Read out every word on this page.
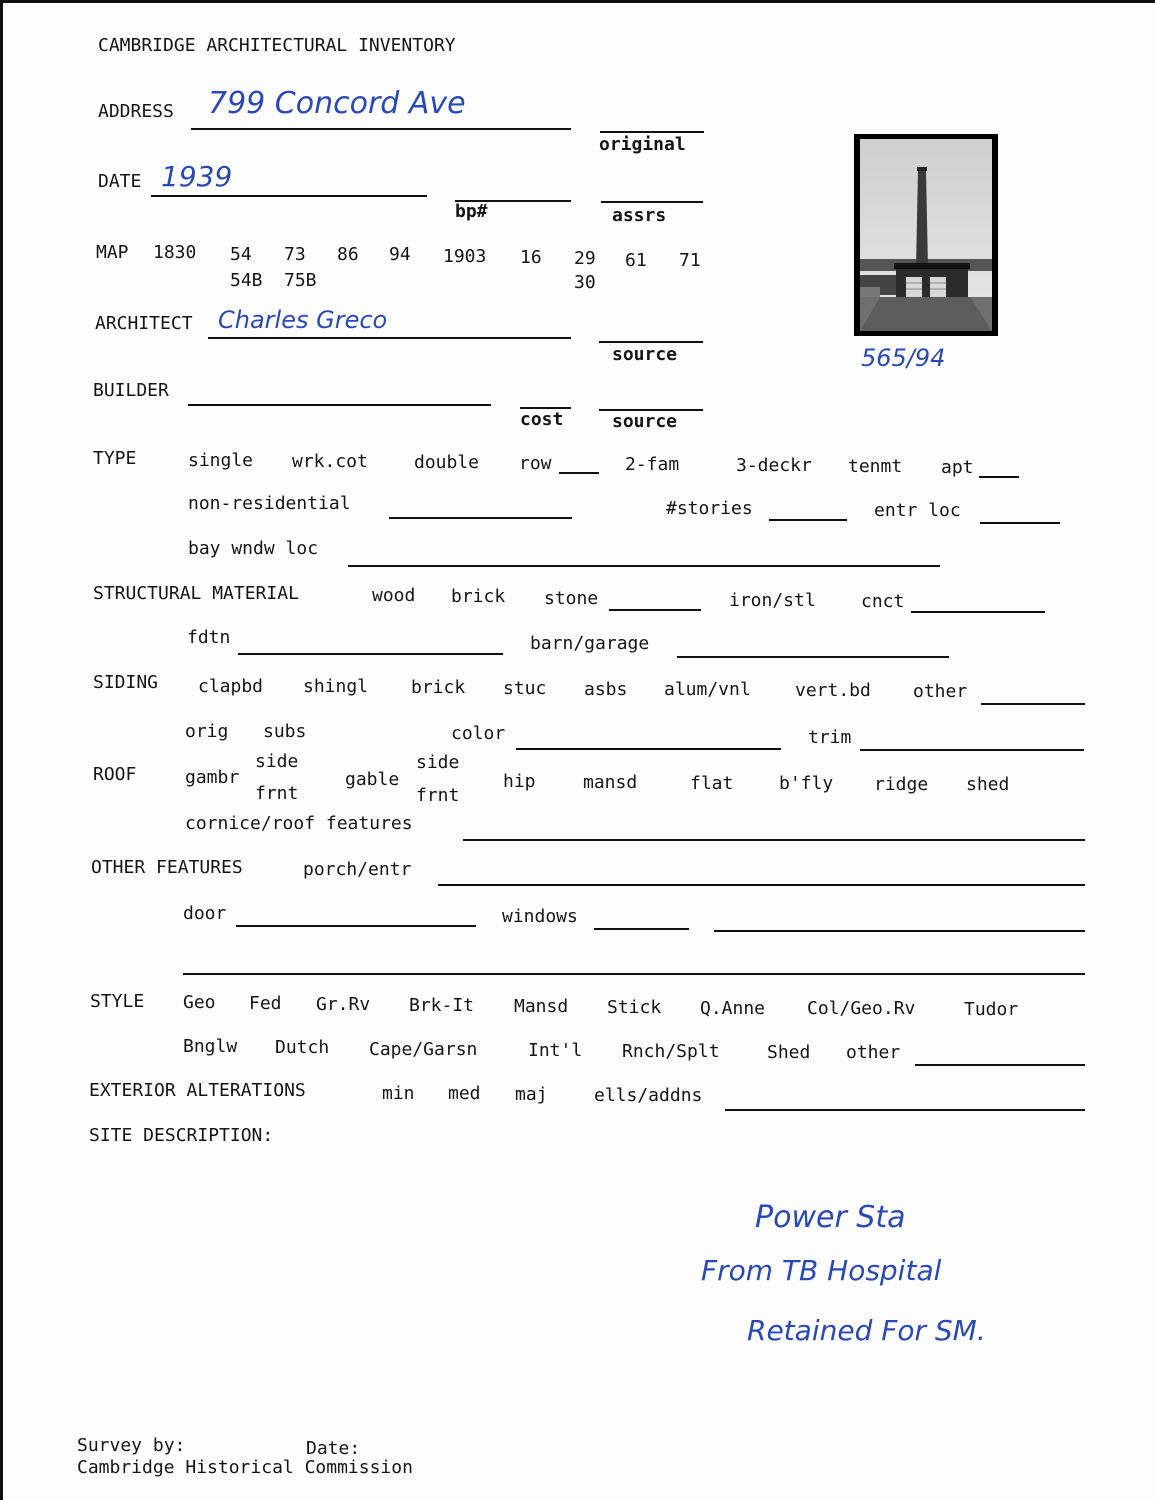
CAMBRIDGE ARCHITECTURAL INVENTORY
ADDRESS 799 Concord Ave
original
DATE 1939
bp#	assrs
MAP 1830 54 73 86 94 1903 16 29 61 71
54B 75B	30
ARCHITECT Charles Greco
source
BUILDER
cost	source
TYPE	single wrk.cot	double row	2-fam	3-deckr tenmt apt
non-residential	#stories	entr loc
bay wndw loc
STRUCTURAL MATERIAL	wood brick stone	iron/stl	cnct
fdtn	barn/garage
SIDING clapbd shingl brick stuc asbs alum/vnl vert.bd other
orig subs	color	trim
ROOF	gambr
side
frnt
gable
side
frnt
hip	mansd	flat	b'fly ridge shed
cornice/roof features
OTHER FEATURES	porch/entr
door	windows
STYLE Geo Fed Gr.Rv Brk-It Mansd Stick Q.Anne Col/Geo.Rv	Tudor
Bnglw Dutch Cape/Garsn	Int'l Rnch/Splt	Shed other
EXTERIOR ALTERATIONS	min med maj	ells/addns
SITE DESCRIPTION:
Power Sta
From TB Hospital
Retained For SM.
565/94
Survey by:	Date:
Cambridge Historical Commission
